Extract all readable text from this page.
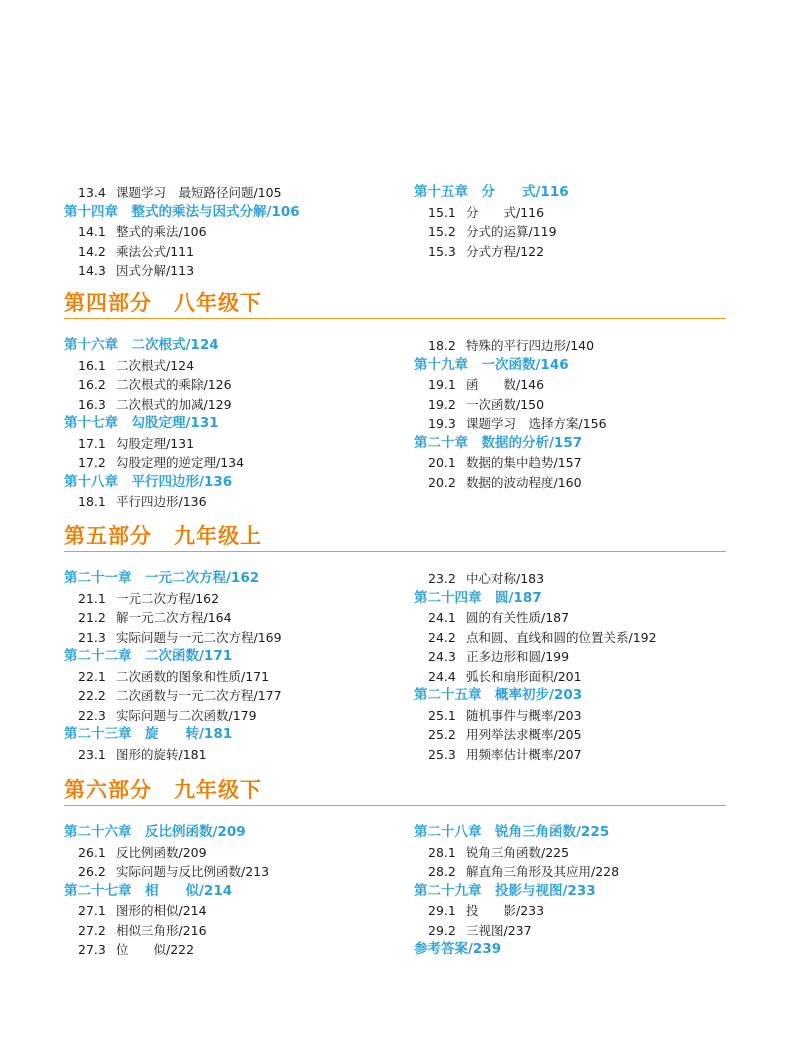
13.4 课题学习　最短路径问题/105
第十四章　整式的乘法与因式分解/106
14.1 整式的乘法/106
14.2 乘法公式/111
14.3 因式分解/113
第十五章　分　　式/116
15.1 分　　式/116
15.2 分式的运算/119
15.3 分式方程/122
第四部分　八年级下
第十六章　二次根式/124
16.1 二次根式/124
16.2 二次根式的乘除/126
16.3 二次根式的加减/129
第十七章　勾股定理/131
17.1 勾股定理/131
17.2 勾股定理的逆定理/134
第十八章　平行四边形/136
18.1 平行四边形/136
18.2 特殊的平行四边形/140
第十九章　一次函数/146
19.1 函　　数/146
19.2 一次函数/150
19.3 课题学习　选择方案/156
第二十章　数据的分析/157
20.1 数据的集中趋势/157
20.2 数据的波动程度/160
第五部分　九年级上
第二十一章　一元二次方程/162
21.1 一元二次方程/162
21.2 解一元二次方程/164
21.3 实际问题与一元二次方程/169
第二十二章　二次函数/171
22.1 二次函数的图象和性质/171
22.2 二次函数与一元二次方程/177
22.3 实际问题与二次函数/179
第二十三章　旋　　转/181
23.1 图形的旋转/181
23.2 中心对称/183
第二十四章　圆/187
24.1 圆的有关性质/187
24.2 点和圆、直线和圆的位置关系/192
24.3 正多边形和圆/199
24.4 弧长和扇形面积/201
第二十五章　概率初步/203
25.1 随机事件与概率/203
25.2 用列举法求概率/205
25.3 用频率估计概率/207
第六部分　九年级下
第二十六章　反比例函数/209
26.1 反比例函数/209
26.2 实际问题与反比例函数/213
第二十七章　相　　似/214
27.1 图形的相似/214
27.2 相似三角形/216
27.3 位　　似/222
第二十八章　锐角三角函数/225
28.1 锐角三角函数/225
28.2 解直角三角形及其应用/228
第二十九章　投影与视图/233
29.1 投　　影/233
29.2 三视图/237
参考答案/239
